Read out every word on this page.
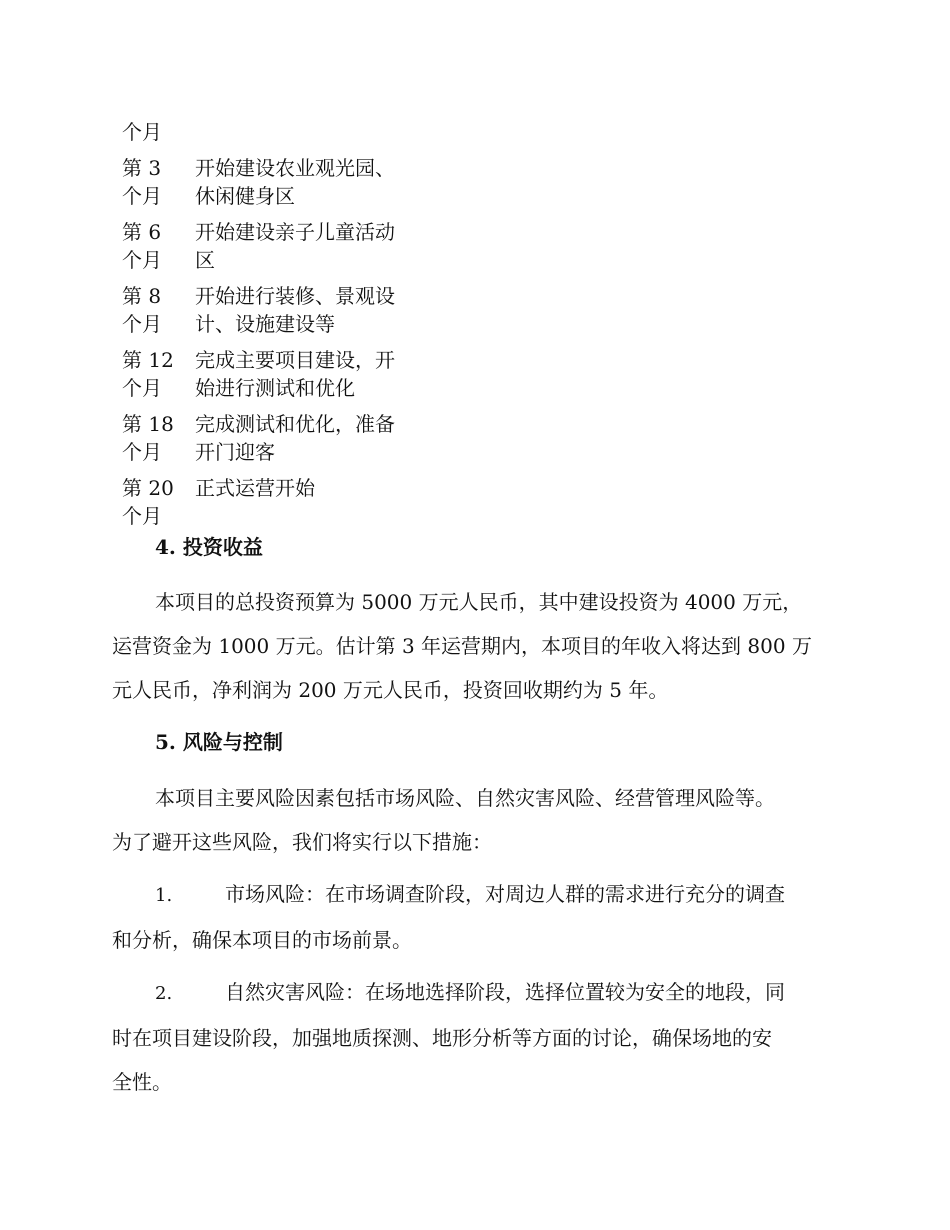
个月
第 3
个月
开始建设农业观光园、
休闲健身区
第 6
个月
开始建设亲子儿童活动
区
第 8
个月
开始进行装修、景观设
计、设施建设等
第 12
个月
完成主要项目建设，开
始进行测试和优化
第 18
个月
完成测试和优化，准备
开门迎客
第 20
个月
正式运营开始
4. 投资收益
本项目的总投资预算为 5000 万元人民币，其中建设投资为 4000 万元，
运营资金为 1000 万元。估计第 3 年运营期内，本项目的年收入将达到 800 万
元人民币，净利润为 200 万元人民币，投资回收期约为 5 年。
5. 风险与控制
本项目主要风险因素包括市场风险、自然灾害风险、经营管理风险等。
为了避开这些风险，我们将实行以下措施：
1.	市场风险：在市场调查阶段，对周边人群的需求进行充分的调查
和分析，确保本项目的市场前景。
2.	自然灾害风险：在场地选择阶段，选择位置较为安全的地段，同
时在项目建设阶段，加强地质探测、地形分析等方面的讨论，确保场地的安
全性。
